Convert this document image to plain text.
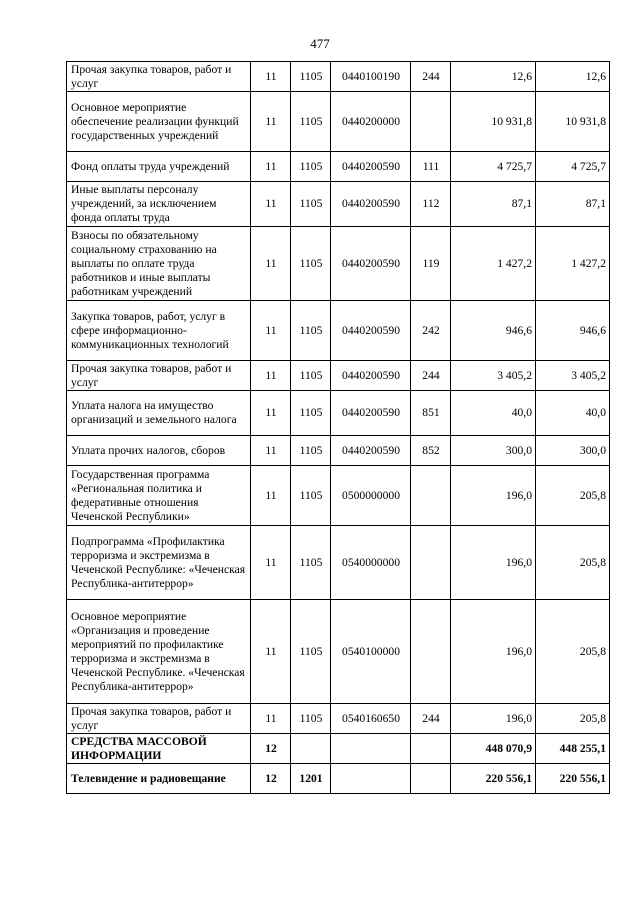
477
Прочая закупка товаров, работ и услуг	11	1105	0440100190	244	12,6	12,6
Основное мероприятие обеспечение реализации функций государственных учреждений	11	1105	0440200000		10 931,8	10 931,8
Фонд оплаты труда учреждений	11	1105	0440200590	111	4 725,7	4 725,7
Иные выплаты персоналу учреждений, за исключением фонда оплаты труда	11	1105	0440200590	112	87,1	87,1
Взносы по обязательному социальному страхованию на выплаты по оплате труда работников и иные выплаты работникам учреждений	11	1105	0440200590	119	1 427,2	1 427,2
Закупка товаров, работ, услуг в сфере информационно-коммуникационных технологий	11	1105	0440200590	242	946,6	946,6
Прочая закупка товаров, работ и услуг	11	1105	0440200590	244	3 405,2	3 405,2
Уплата налога на имущество организаций и земельного налога	11	1105	0440200590	851	40,0	40,0
Уплата прочих налогов, сборов	11	1105	0440200590	852	300,0	300,0
Государственная программа «Региональная политика и федеративные отношения Чеченской Республики»	11	1105	0500000000		196,0	205,8
Подпрограмма «Профилактика терроризма и экстремизма в Чеченской Республике: «Чеченская Республика-антитеррор»	11	1105	0540000000		196,0	205,8
Основное мероприятие «Организация и проведение мероприятий по профилактике терроризма и экстремизма в Чеченской Республике. «Чеченская Республика-антитеррор»	11	1105	0540100000		196,0	205,8
Прочая закупка товаров, работ и услуг	11	1105	0540160650	244	196,0	205,8
СРЕДСТВА МАССОВОЙ ИНФОРМАЦИИ	12				448 070,9	448 255,1
Телевидение и радиовещание	12	1201			220 556,1	220 556,1
